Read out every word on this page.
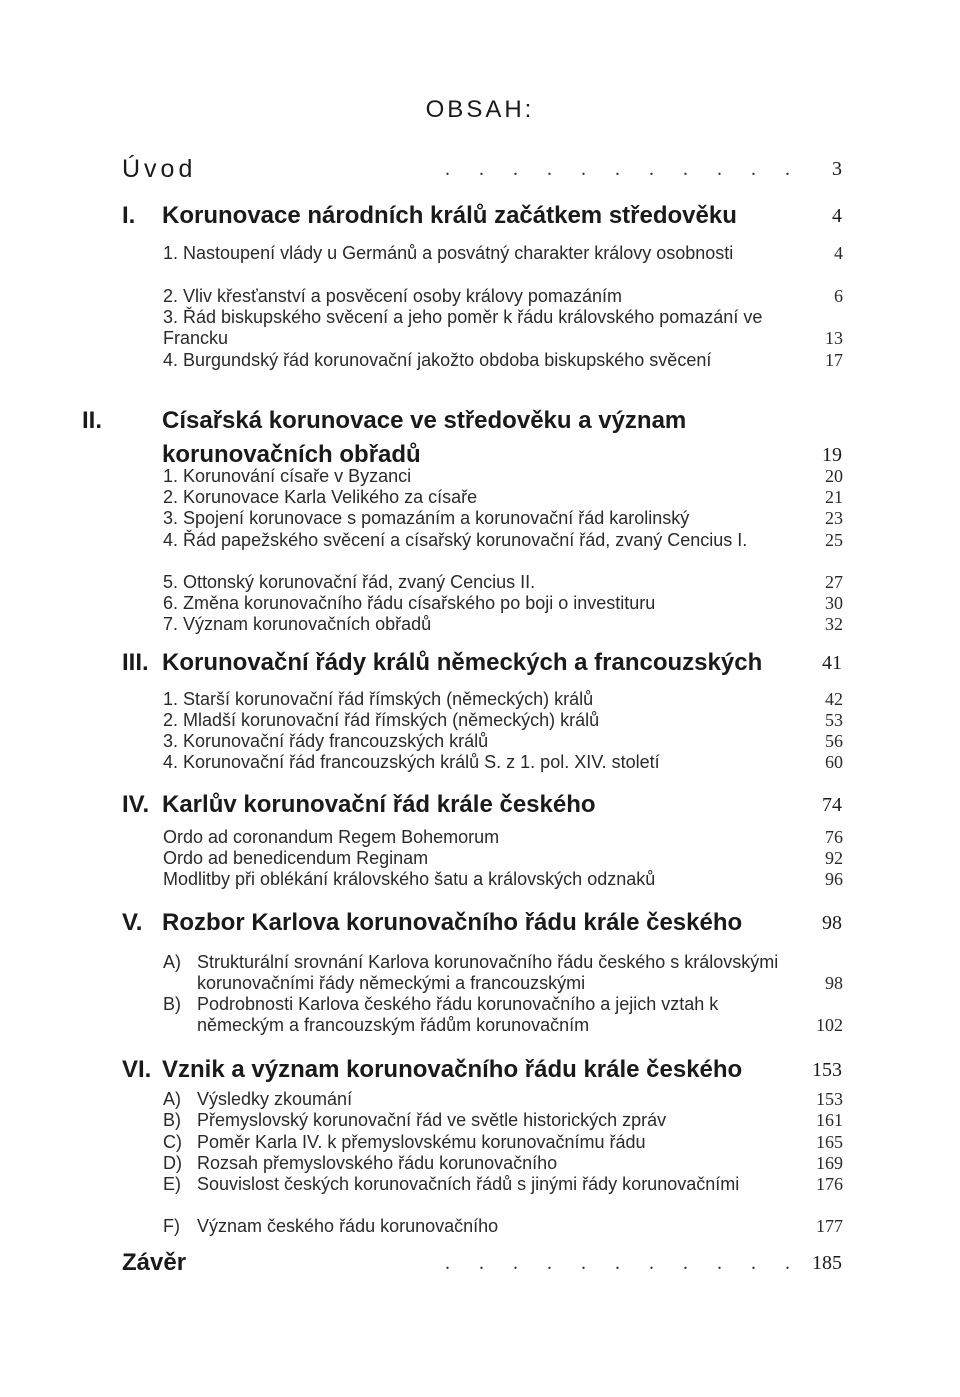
OBSAH:
Úvod	. . . . . . . . . . . 3
I. Korunovace národních králů začátkem středověku	4
1. Nastoupení vlády u Germánů a posvátný charakter královy osobnosti	4
2. Vliv křesťanství a posvěcení osoby královy pomazáním	6
3. Řád biskupského svěcení a jeho poměr k řádu královského pomazání ve Francku	13
4. Burgundský řád korunovační jakožto obdoba biskupského svěcení	17
II. Císařská korunovace ve středověku a význam korunovačních obřadů	19
1. Korunování císaře v Byzanci	20
2. Korunovace Karla Velikého za císaře	21
3. Spojení korunovace s pomazáním a korunovační řád karolinský	23
4. Řád papežského svěcení a císařský korunovační řád, zvaný Cencius I.	25
5. Ottonský korunovační řád, zvaný Cencius II.	27
6. Změna korunovačního řádu císařského po boji o investituru	30
7. Význam korunovačních obřadů	32
III. Korunovační řády králů německých a francouzských	41
1. Starší korunovační řád římských (německých) králů	42
2. Mladší korunovační řád římských (německých) králů	53
3. Korunovační řády francouzských králů	56
4. Korunovační řád francouzských králů S. z 1. pol. XIV. století	60
IV. Karlův korunovační řád krále českého	74
Ordo ad coronandum Regem Bohemorum	76
Ordo ad benedicendum Reginam	92
Modlitby při oblékání královského šatu a královských odznaků	96
V. Rozbor Karlova korunovačního řádu krále českého	98
A) Strukturální srovnání Karlova korunovačního řádu českého s královskými korunovačními řády německými a francouzskými	98
B) Podrobnosti Karlova českého řádu korunovačního a jejich vztah k německým a francouzským řádům korunovačním	102
VI. Vznik a význam korunovačního řádu krále českého	153
A) Výsledky zkoumání	153
B) Přemyslovský korunovační řád ve světle historických zpráv	161
C) Poměr Karla IV. k přemyslovskému korunovačnímu řádu	165
D) Rozsah přemyslovského řádu korunovačního	169
E) Souvislost českých korunovačních řádů s jinými řády korunovačními	176
F) Význam českého řádu korunovačního	177
Závěr	. . . . . . . . . . . 185
